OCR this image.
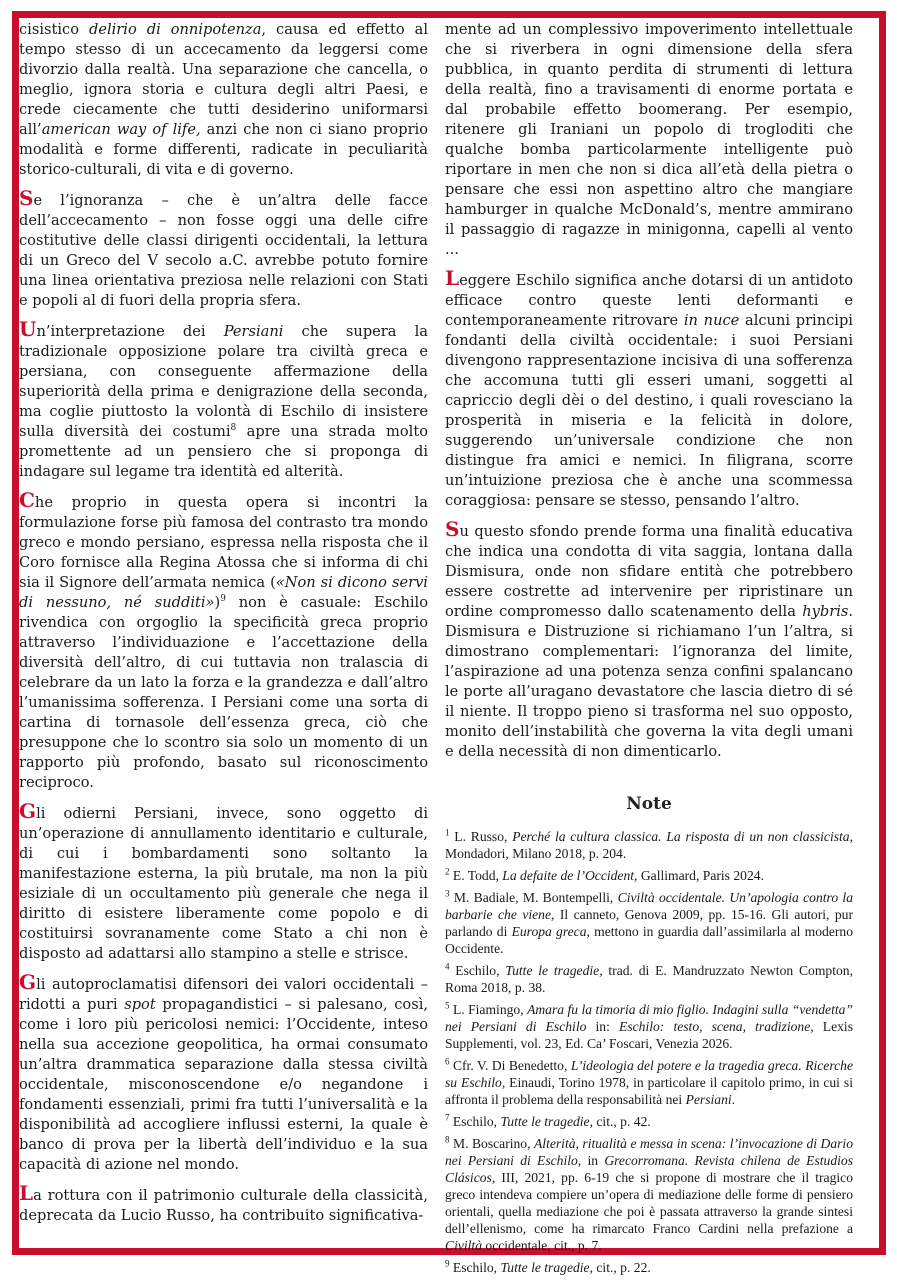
cisistico delirio di onnipotenza, causa ed effetto al tempo stesso di un accecamento da leggersi come divorzio dalla realtà. Una separazione che cancella, o meglio, ignora storia e cultura degli altri Paesi, e crede ciecamente che tutti desiderino uniformarsi all’american way of life, anzi che non ci siano proprio modalità e forme differenti, radicate in peculiarità storico-culturali, di vita e di governo.

Se l’ignoranza – che è un’altra delle facce dell’accecamento – non fosse oggi una delle cifre costitutive delle classi dirigenti occidentali, la lettura di un Greco del V secolo a.C. avrebbe potuto fornire una linea orientativa preziosa nelle relazioni con Stati e popoli al di fuori della propria sfera.

Un’interpretazione dei Persiani che supera la tradizionale opposizione polare tra civiltà greca e persiana, con conseguente affermazione della superiorità della prima e denigrazione della seconda, ma coglie piuttosto la volontà di Eschilo di insistere sulla diversità dei costumi$^8$ apre una strada molto promettente ad un pensiero che si proponga di indagare sul legame tra identità ed alterità.

Che proprio in questa opera si incontri la formulazione forse più famosa del contrasto tra mondo greco e mondo persiano, espressa nella risposta che il Coro fornisce alla Regina Atossa che si informa di chi sia il Signore dell’armata nemica («Non si dicono servi di nessuno, né sudditi»)$^9$ non è casuale: Eschilo rivendica con orgoglio la specificità greca proprio attraverso l’individuazione e l’accettazione della diversità dell’altro, di cui tuttavia non tralascia di celebrare da un lato la forza e la grandezza e dall’altro l’umanissima sofferenza. I Persiani come una sorta di cartina di tornasole dell’essenza greca, ciò che presuppone che lo scontro sia solo un momento di un rapporto più profondo, basato sul riconoscimento reciproco.

Gli odierni Persiani, invece, sono oggetto di un’operazione di annullamento identitario e culturale, di cui i bombardamenti sono soltanto la manifestazione esterna, la più brutale, ma non la più esiziale di un occultamento più generale che nega il diritto di esistere liberamente come popolo e di costituirsi sovranamente come Stato a chi non è disposto ad adattarsi allo stampino a stelle e strisce.

Gli autoproclamatisi difensori dei valori occidentali – ridotti a puri spot propagandistici – si palesano, così, come i loro più pericolosi nemici: l’Occidente, inteso nella sua accezione geopolitica, ha ormai consumato un’altra drammatica separazione dalla stessa civiltà occidentale, misconoscendone e/o negandone i fondamenti essenziali, primi fra tutti l’universalità e la disponibilità ad accogliere influssi esterni, la quale è banco di prova per la libertà dell’individuo e la sua capacità di azione nel mondo.

La rottura con il patrimonio culturale della classicità, deprecata da Lucio Russo, ha contribuito significativa-

mente ad un complessivo impoverimento intellettuale che si riverbera in ogni dimensione della sfera pubblica, in quanto perdita di strumenti di lettura della realtà, fino a travisamenti di enorme portata e dal probabile effetto boomerang. Per esempio, ritenere gli Iraniani un popolo di trogloditi che qualche bomba particolarmente intelligente può riportare in men che non si dica all’età della pietra o pensare che essi non aspettino altro che mangiare hamburger in qualche McDonald’s, mentre ammirano il passaggio di ragazze in minigonna, capelli al vento ...

Leggere Eschilo significa anche dotarsi di un antidoto efficace contro queste lenti deformanti e contemporaneamente ritrovare in nuce alcuni principi fondanti della civiltà occidentale: i suoi Persiani divengono rappresentazione incisiva di una sofferenza che accomuna tutti gli esseri umani, soggetti al capriccio degli dèi o del destino, i quali rovesciano la prosperità in miseria e la felicità in dolore, suggerendo un’universale condizione che non distingue fra amici e nemici. In filigrana, scorre un’intuizione preziosa che è anche una scommessa coraggiosa: pensare se stesso, pensando l’altro.

Su questo sfondo prende forma una finalità educativa che indica una condotta di vita saggia, lontana dalla Dismisura, onde non sfidare entità che potrebbero essere costrette ad intervenire per ripristinare un ordine compromesso dallo scatenamento della hybris. Dismisura e Distruzione si richiamano l’un l’altra, si dimostrano complementari: l’ignoranza del limite, l’aspirazione ad una potenza senza confini spalancano le porte all’uragano devastatore che lascia dietro di sé il niente. Il troppo pieno si trasforma nel suo opposto, monito dell’instabilità che governa la vita degli umani e della necessità di non dimenticarlo.

Note

$^1$ L. Russo, Perché la cultura classica. La risposta di un non classicista, Mondadori, Milano 2018, p. 204.

$^2$ E. Todd, La defaite de l’Occident, Gallimard, Paris 2024.

$^3$ M. Badiale, M. Bontempelli, Civiltà occidentale. Un’apologia contro la barbarie che viene, Il canneto, Genova 2009, pp. 15-16. Gli autori, pur parlando di Europa greca, mettono in guardia dall’assimilarla al moderno Occidente.

$^4$ Eschilo, Tutte le tragedie, trad. di E. Mandruzzato Newton Compton, Roma 2018, p. 38.

$^5$ L. Fiamingo, Amara fu la timoria di mio figlio. Indagini sulla “vendetta” nei Persiani di Eschilo in: Eschilo: testo, scena, tradizione, Lexis Supplementi, vol. 23, Ed. Ca’ Foscari, Venezia 2026.

$^6$ Cfr. V. Di Benedetto, L’ideologia del potere e la tragedia greca. Ricerche su Eschilo, Einaudi, Torino 1978, in particolare il capitolo primo, in cui si affronta il problema della responsabilità nei Persiani.

$^7$ Eschilo, Tutte le tragedie, cit., p. 42.

$^8$ M. Boscarino, Alterità, ritualità e messa in scena: l’invocazione di Dario nei Persiani di Eschilo, in Grecorromana. Revista chilena de Estudios Clásicos, III, 2021, pp. 6-19 che si propone di mostrare che il tragico greco intendeva compiere un’opera di mediazione delle forme di pensiero orientali, quella mediazione che poi è passata attraverso la grande sintesi dell’ellenismo, come ha rimarcato Franco Cardini nella prefazione a Civiltà occidentale, cit., p. 7.

$^9$ Eschilo, Tutte le tragedie, cit., p. 22.
